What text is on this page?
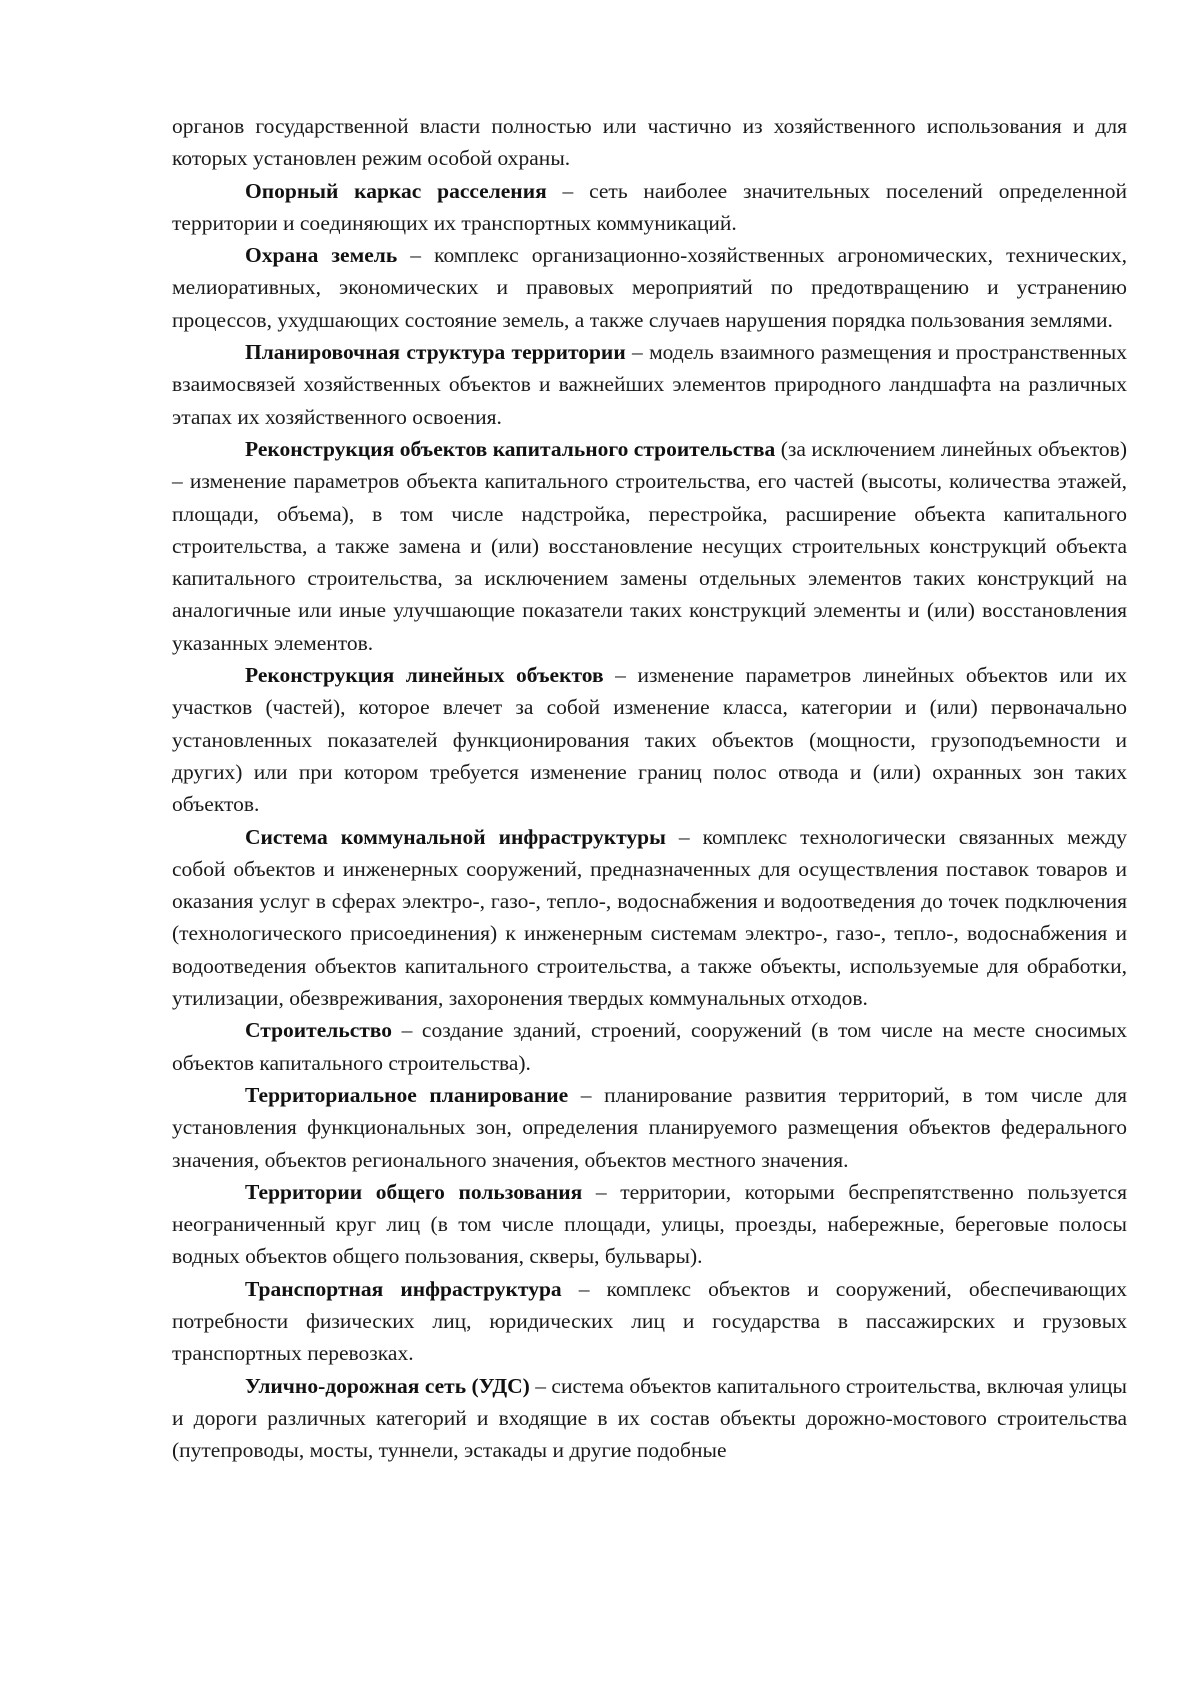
органов государственной власти полностью или частично из хозяйственного использования и для которых установлен режим особой охраны.

Опорный каркас расселения – сеть наиболее значительных поселений определенной территории и соединяющих их транспортных коммуникаций.

Охрана земель – комплекс организационно-хозяйственных агрономических, технических, мелиоративных, экономических и правовых мероприятий по предотвращению и устранению процессов, ухудшающих состояние земель, а также случаев нарушения порядка пользования землями.

Планировочная структура территории – модель взаимного размещения и пространственных взаимосвязей хозяйственных объектов и важнейших элементов природного ландшафта на различных этапах их хозяйственного освоения.

Реконструкция объектов капитального строительства (за исключением линейных объектов) – изменение параметров объекта капитального строительства, его частей (высоты, количества этажей, площади, объема), в том числе надстройка, перестройка, расширение объекта капитального строительства, а также замена и (или) восстановление несущих строительных конструкций объекта капитального строительства, за исключением замены отдельных элементов таких конструкций на аналогичные или иные улучшающие показатели таких конструкций элементы и (или) восстановления указанных элементов.

Реконструкция линейных объектов – изменение параметров линейных объектов или их участков (частей), которое влечет за собой изменение класса, категории и (или) первоначально установленных показателей функционирования таких объектов (мощности, грузоподъемности и других) или при котором требуется изменение границ полос отвода и (или) охранных зон таких объектов.

Система коммунальной инфраструктуры – комплекс технологически связанных между собой объектов и инженерных сооружений, предназначенных для осуществления поставок товаров и оказания услуг в сферах электро-, газо-, тепло-, водоснабжения и водоотведения до точек подключения (технологического присоединения) к инженерным системам электро-, газо-, тепло-, водоснабжения и водоотведения объектов капитального строительства, а также объекты, используемые для обработки, утилизации, обезвреживания, захоронения твердых коммунальных отходов.

Строительство – создание зданий, строений, сооружений (в том числе на месте сносимых объектов капитального строительства).

Территориальное планирование – планирование развития территорий, в том числе для установления функциональных зон, определения планируемого размещения объектов федерального значения, объектов регионального значения, объектов местного значения.

Территории общего пользования – территории, которыми беспрепятственно пользуется неограниченный круг лиц (в том числе площади, улицы, проезды, набережные, береговые полосы водных объектов общего пользования, скверы, бульвары).

Транспортная инфраструктура – комплекс объектов и сооружений, обеспечивающих потребности физических лиц, юридических лиц и государства в пассажирских и грузовых транспортных перевозках.

Улично-дорожная сеть (УДС) – система объектов капитального строительства, включая улицы и дороги различных категорий и входящие в их состав объекты дорожно-мостового строительства (путепроводы, мосты, туннели, эстакады и другие подобные
